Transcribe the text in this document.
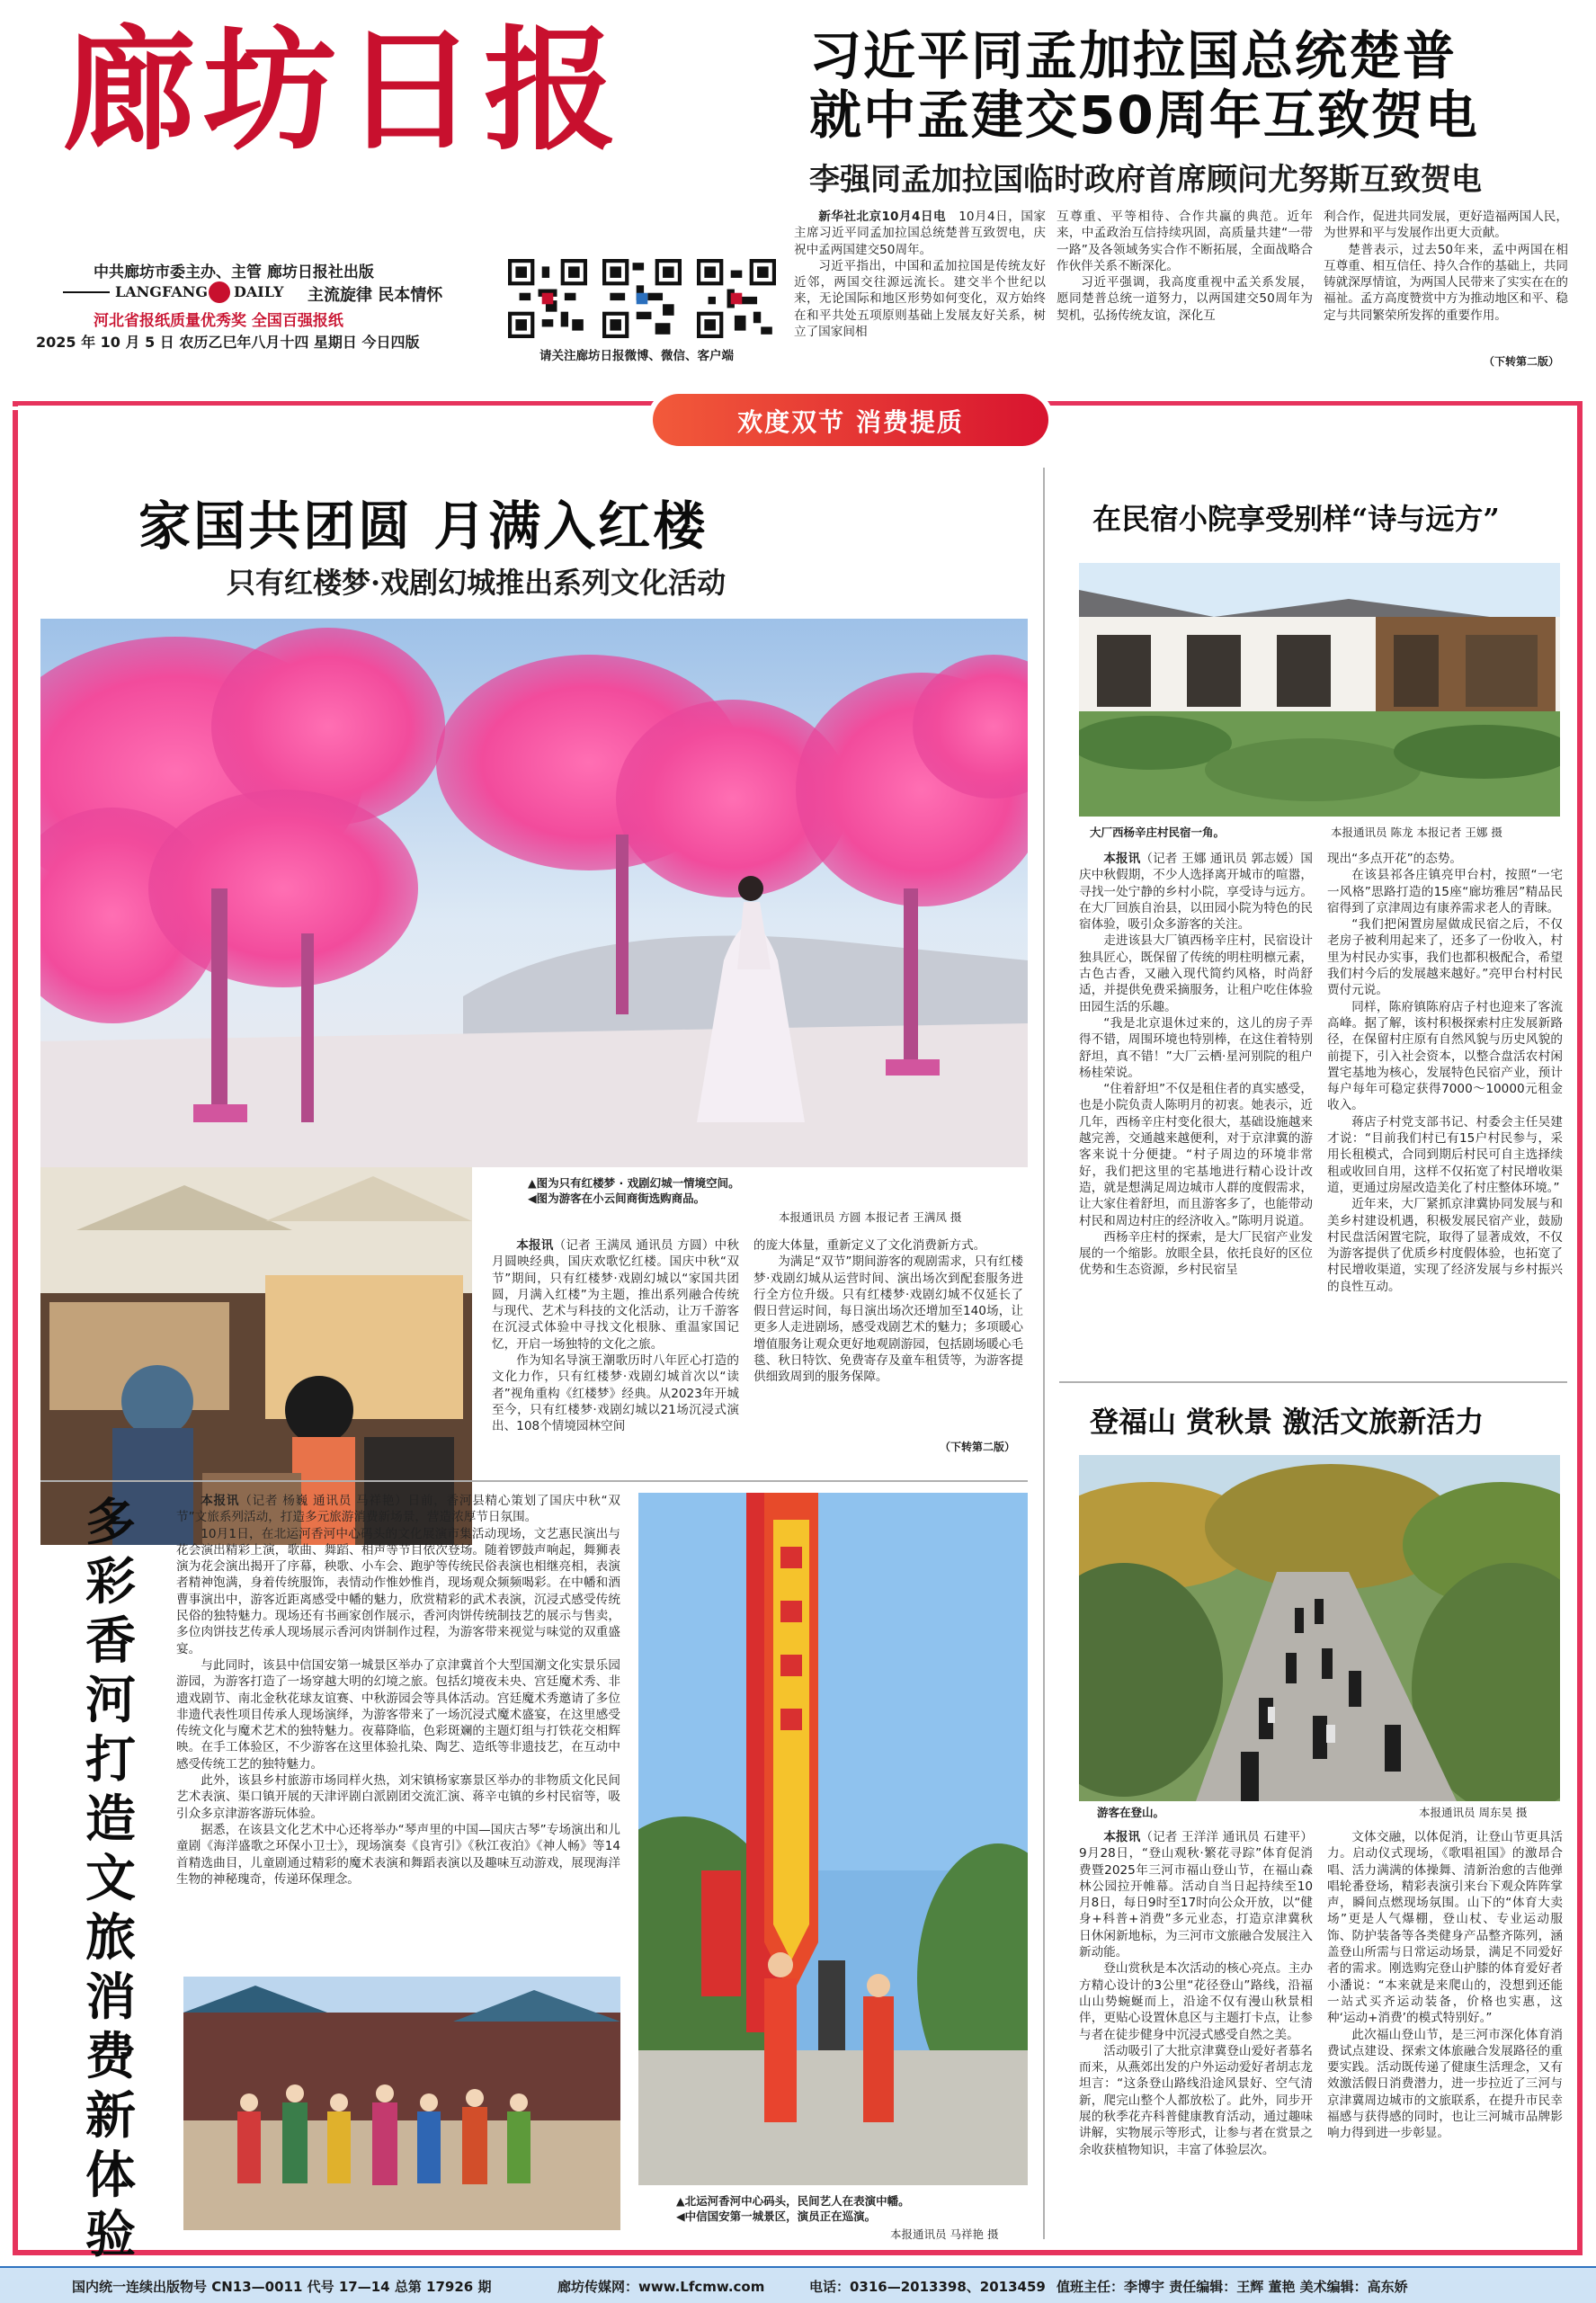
廊坊日报
中共廊坊市委主办、主管 廊坊日报社出版
LANGFANG DAILY 主流旋律 民本情怀
河北省报纸质量优秀奖 全国百强报纸
2025 年 10 月 5 日 农历乙巳年八月十四 星期日 今日四版
请关注廊坊日报微博、微信、客户端
习近平同孟加拉国总统楚普
就中孟建交50周年互致贺电
李强同孟加拉国临时政府首席顾问尤努斯互致贺电

新华社北京10月4日电　 10月4日，国家主席习近平同孟加拉国总统楚普互致贺电，庆祝中孟两国建交50周年。

习近平指出，中国和孟加拉国是传统友好近邻，两国交往源远流长。建交半个世纪以来，无论国际和地区形势如何变化，双方始终在和平共处五项原则基础上发展友好关系，树立了国家间相

互尊重、平等相待、合作共赢的典范。近年来，中孟政治互信持续巩固，高质量共建“一带一路”及各领域务实合作不断拓展，全面战略合作伙伴关系不断深化。

习近平强调，我高度重视中孟关系发展，愿同楚普总统一道努力，以两国建交50周年为契机，弘扬传统友谊，深化互

利合作，促进共同发展，更好造福两国人民，为世界和平与发展作出更大贡献。

楚普表示，过去50年来，孟中两国在相互尊重、相互信任、持久合作的基础上，共同铸就深厚情谊，为两国人民带来了实实在在的福祉。孟方高度赞赏中方为推动地区和平、稳定与共同繁荣所发挥的重要作用。

（下转第二版）
欢度双节 消费提质
家国共团圆 月满入红楼
只有红楼梦·戏剧幻城推出系列文化活动
▲图为只有红楼梦 · 戏剧幻城一情境空间。
◀图为游客在小云间商街选购商品。
本报通讯员 方圆 本报记者 王满凤 摄

本报讯（记者 王满凤 通讯员 方圆）中秋月圆映经典，国庆欢歌忆红楼。国庆中秋“双节”期间，只有红楼梦·戏剧幻城以“家国共团圆，月满入红楼”为主题，推出系列融合传统与现代、艺术与科技的文化活动，让万千游客在沉浸式体验中寻找文化根脉、重温家国记忆，开启一场独特的文化之旅。

作为知名导演王潮歌历时八年匠心打造的文化力作，只有红楼梦·戏剧幻城首次以“读者”视角重构《红楼梦》经典。从2023年开城至今，只有红楼梦·戏剧幻城以21场沉浸式演出、108个情境园林空间

的庞大体量，重新定义了文化消费新方式。

为满足“双节”期间游客的观剧需求，只有红楼梦·戏剧幻城从运营时间、演出场次到配套服务进行全方位升级。只有红楼梦·戏剧幻城不仅延长了假日营运时间，每日演出场次还增加至140场，让更多人走进剧场，感受戏剧艺术的魅力；多项暖心增值服务让观众更好地观剧游园，包括剧场暖心毛毯、秋日特饮、免费寄存及童车租赁等，为游客提供细致周到的服务保障。

（下转第二版）
在民宿小院享受别样“诗与远方”
大厂西杨辛庄村民宿一角。	本报通讯员 陈龙 本报记者 王娜 摄

本报讯（记者 王娜 通讯员 郭志媛）国庆中秋假期，不少人选择离开城市的喧嚣，寻找一处宁静的乡村小院，享受诗与远方。在大厂回族自治县，以田园小院为特色的民宿体验，吸引众多游客的关注。

走进该县大厂镇西杨辛庄村，民宿设计独具匠心，既保留了传统的明柱明檩元素，古色古香，又融入现代简约风格，时尚舒适，并提供免费采摘服务，让租户吃住体验田园生活的乐趣。

“我是北京退休过来的，这儿的房子弄得不错，周围环境也特别棒，在这住着特别舒坦，真不错！”大厂云栖·星河别院的租户杨桂荣说。

“住着舒坦”不仅是租住者的真实感受，也是小院负责人陈明月的初衷。她表示，近几年，西杨辛庄村变化很大，基础设施越来越完善，交通越来越便利，对于京津冀的游客来说十分便捷。“村子周边的环境非常好，我们把这里的宅基地进行精心设计改造，就是想满足周边城市人群的度假需求，让大家住着舒坦，而且游客多了，也能带动村民和周边村庄的经济收入。”陈明月说道。

西杨辛庄村的探索，是大厂民宿产业发展的一个缩影。放眼全县，依托良好的区位优势和生态资源，乡村民宿呈

现出“多点开花”的态势。

在该县祁各庄镇亮甲台村，按照“一宅一风格”思路打造的15座“廊坊雅居”精品民宿得到了京津周边有康养需求老人的青睐。

“我们把闲置房屋做成民宿之后，不仅老房子被利用起来了，还多了一份收入，村里为村民办实事，我们也都积极配合，希望我们村今后的发展越来越好。”亮甲台村村民贾付元说。

同样，陈府镇陈府店子村也迎来了客流高峰。据了解，该村积极探索村庄发展新路径，在保留村庄原有自然风貌与历史风貌的前提下，引入社会资本，以整合盘活农村闲置宅基地为核心，发展特色民宿产业，预计每户每年可稳定获得7000～10000元租金收入。

蒋店子村党支部书记、村委会主任吴建才说：“目前我们村已有15户村民参与，采用长租模式，合同到期后村民可自主选择续租或收回自用，这样不仅拓宽了村民增收渠道，更通过房屋改造美化了村庄整体环境。”

近年来，大厂紧抓京津冀协同发展与和美乡村建设机遇，积极发展民宿产业，鼓励村民盘活闲置宅院，取得了显著成效，不仅为游客提供了优质乡村度假体验，也拓宽了村民增收渠道，实现了经济发展与乡村振兴的良性互动。

登福山 赏秋景 激活文旅新活力
游客在登山。	本报通讯员 周东昊 摄

本报讯（记者 王洋洋 通讯员 石建平）9月28日，“登山观秋·繁花寻踪”体育促消费暨2025年三河市福山登山节，在福山森林公园拉开帷幕。活动自当日起持续至10月8日，每日9时至17时向公众开放，以“健身+科普+消费”多元业态，打造京津冀秋日休闲新地标，为三河市文旅融合发展注入新动能。

登山赏秋是本次活动的核心亮点。主办方精心设计的3公里“花径登山”路线，沿福山山势蜿蜒而上，沿途不仅有漫山秋景相伴，更贴心设置休息区与主题打卡点，让参与者在徒步健身中沉浸式感受自然之美。

活动吸引了大批京津冀登山爱好者慕名而来，从燕郊出发的户外运动爱好者胡志龙坦言：“这条登山路线沿途风景好、空气清新，爬完山整个人都放松了。此外，同步开展的秋季花卉科普健康教育活动，通过趣味讲解，实物展示等形式，让参与者在赏景之余收获植物知识，丰富了体验层次。

文体交融，以体促消，让登山节更具活力。启动仪式现场，《歌唱祖国》的激昂合唱、活力满满的体操舞、清新治愈的吉他弹唱轮番登场，精彩表演引来台下观众阵阵掌声，瞬间点燃现场氛围。山下的“体育大卖场”更是人气爆棚，登山杖、专业运动服饰、防护装备等各类健身产品整齐陈列，涵盖登山所需与日常运动场景，满足不同爱好者的需求。刚选购完登山护膝的体育爱好者小潘说：“本来就是来爬山的，没想到还能一站式买齐运动装备，价格也实惠，这种‘运动+消费’的模式特别好。”

此次福山登山节，是三河市深化体育消费试点建设、探索文体旅融合发展路径的重要实践。活动既传递了健康生活理念，又有效激活假日消费潜力，进一步拉近了三河与京津冀周边城市的文旅联系，在提升市民幸福感与获得感的同时，也让三河城市品牌影响力得到进一步彰显。

多彩香河打造文旅消费新体验

本报讯（记者 杨巍 通讯员 马祥艳）日前，香河县精心策划了国庆中秋“双节”文旅系列活动，打造多元旅游消费新场景，营造浓厚节日氛围。

10月1日，在北运河香河中心码头的文化展演市集活动现场，文艺惠民演出与花会演出精彩上演，歌曲、舞蹈、相声等节目依次登场。随着锣鼓声响起，舞狮表演为花会演出揭开了序幕，秧歌、小车会、跑驴等传统民俗表演也相继亮相，表演者精神饱满，身着传统服饰，表情动作惟妙惟肖，现场观众频频喝彩。在中幡和酒曹事演出中，游客近距离感受中幡的魅力，欣赏精彩的武术表演，沉浸式感受传统民俗的独特魅力。现场还有书画家创作展示，香河肉饼传统制技艺的展示与售卖，多位肉饼技艺传承人现场展示香河肉饼制作过程，为游客带来视觉与味觉的双重盛宴。

与此同时，该县中信国安第一城景区举办了京津冀首个大型国潮文化实景乐园游园，为游客打造了一场穿越大明的幻境之旅。包括幻境夜未央、宫廷魔术秀、非遗戏剧节、南北金秋花球友谊赛、中秋游园会等具体活动。宫廷魔术秀邀请了多位非遗代表性项目传承人现场演绎，为游客带来了一场沉浸式魔术盛宴，在这里感受传统文化与魔术艺术的独特魅力。夜幕降临，色彩斑斓的主题灯组与打铁花交相辉映。在手工体验区，不少游客在这里体验扎染、陶艺、造纸等非遗技艺，在互动中感受传统工艺的独特魅力。

此外，该县乡村旅游市场同样火热，刘宋镇杨家寨景区举办的非物质文化民间艺术表演、渠口镇开展的天津评剧白派剧团交流汇演、蒋辛屯镇的乡村民宿等，吸引众多京津游客游玩体验。

据悉，在该县文化艺术中心还将举办“琴声里的中国—国庆古琴”专场演出和儿童剧《海洋盛歌之环保小卫士》，现场演奏《良宵引》《秋江夜泊》《神人畅》等14首精选曲目，儿童剧通过精彩的魔术表演和舞蹈表演以及趣味互动游戏，展现海洋生物的神秘瑰奇，传递环保理念。

▲北运河香河中心码头，民间艺人在表演中幡。
◀中信国安第一城景区，演员正在巡演。
本报通讯员 马祥艳 摄
国内统一连续出版物号 CN13—0011 代号 17—14 总第 17926 期	廊坊传媒网：www.Lfcmw.com	电话：0316—2013398、2013459 值班主任：李博宇 责任编辑：王辉 董艳 美术编辑：高东娇
